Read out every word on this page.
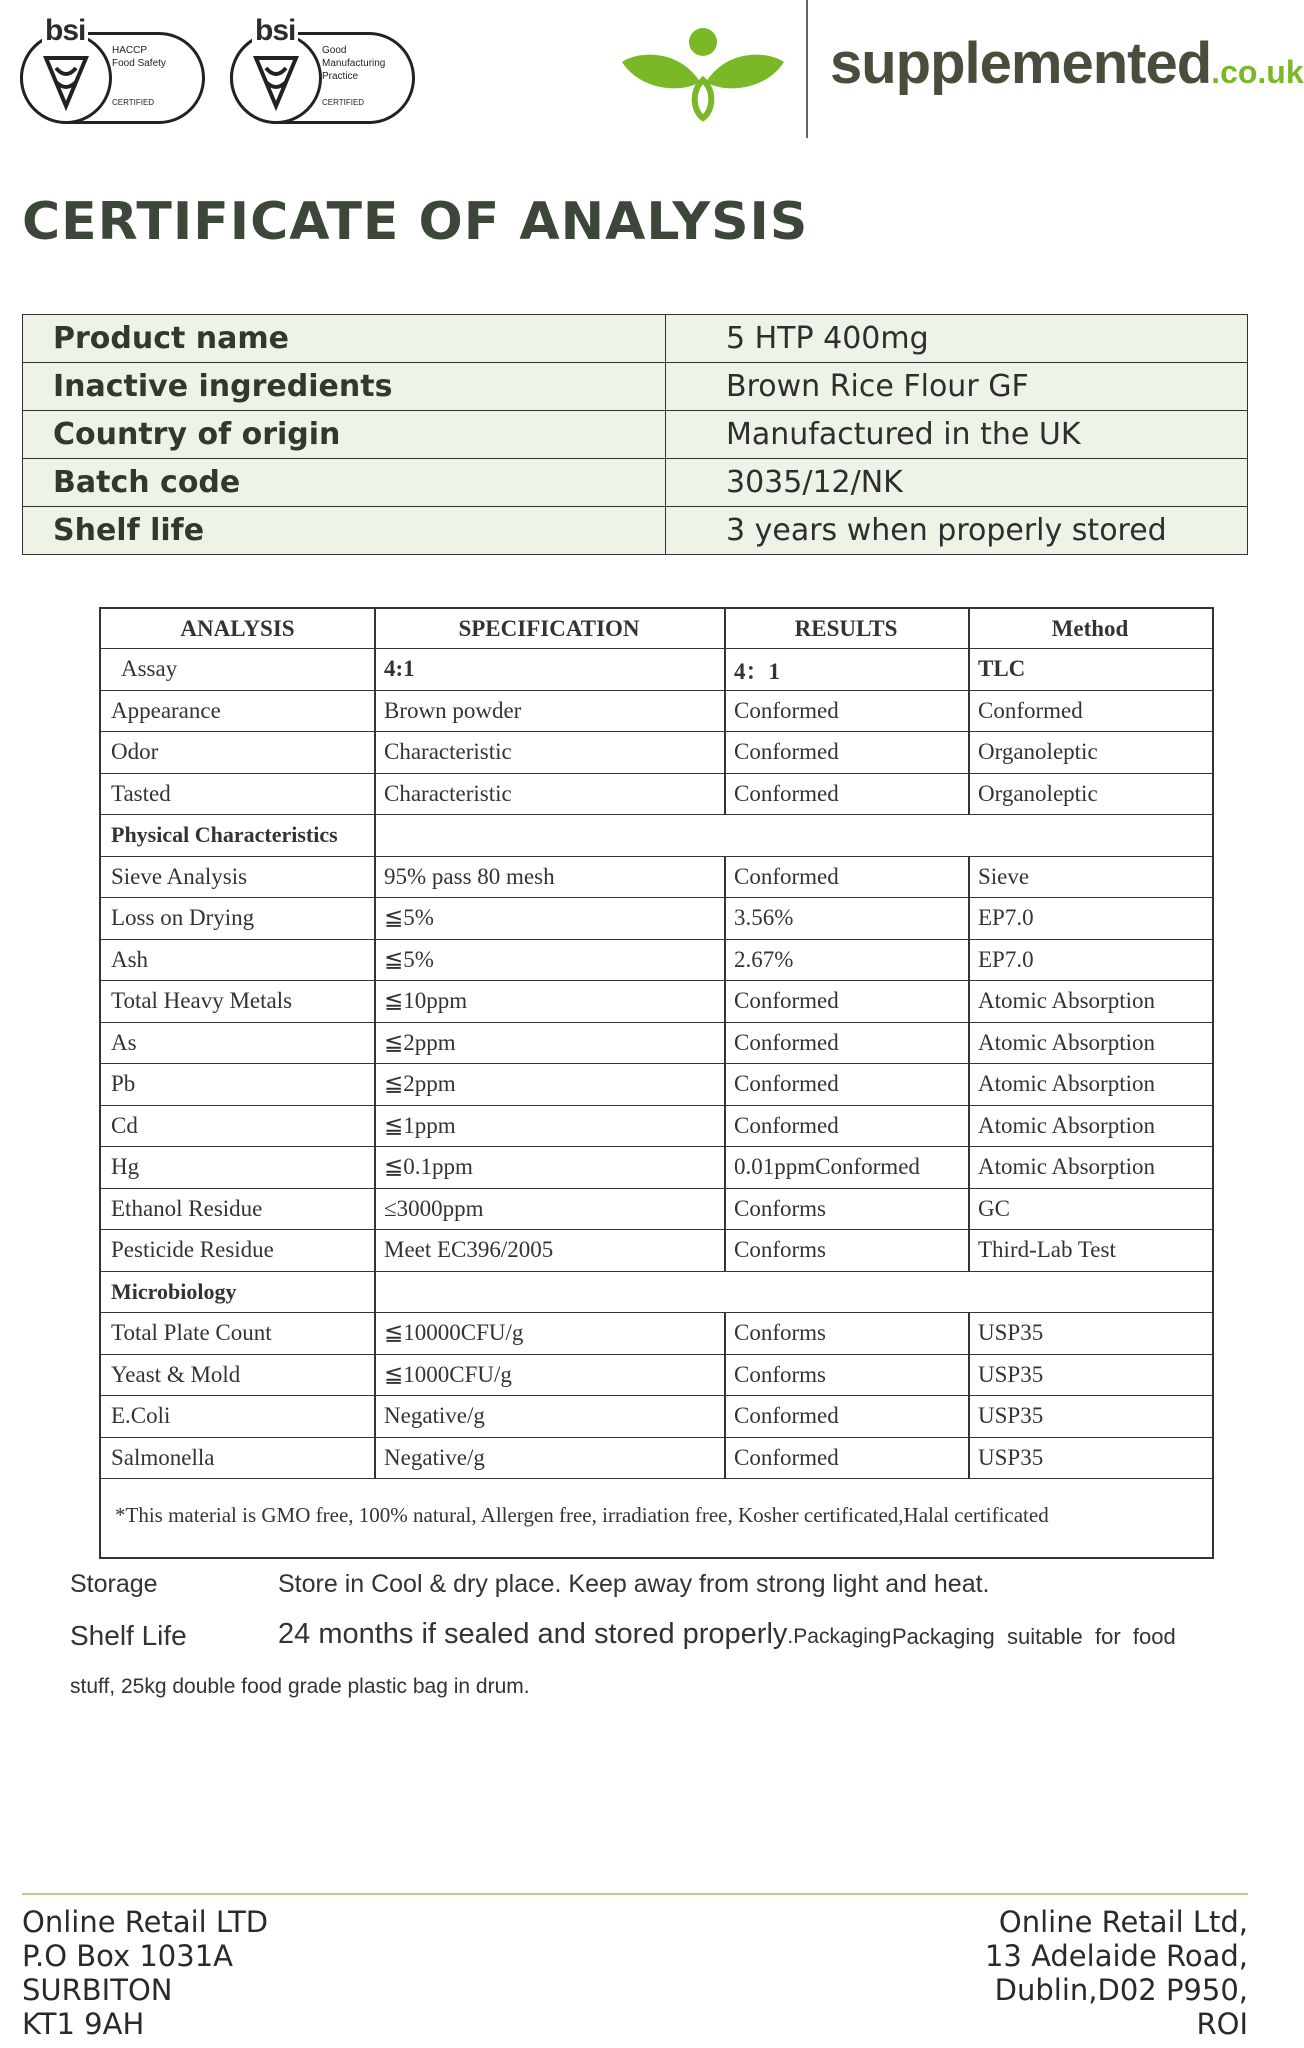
bsi
HACCP
Food Safety
CERTIFIED
bsi
Good
Manufacturing
Practice
CERTIFIED
supplemented.co.uk
CERTIFICATE OF ANALYSIS
Product name	5 HTP 400mg
Inactive ingredients	Brown Rice Flour GF
Country of origin	Manufactured in the UK
Batch code	3035/12/NK
Shelf life	3 years when properly stored
ANALYSIS	SPECIFICATION	RESULTS	Method
Assay	4:1	4：1	TLC
Appearance	Brown powder	Conformed	Conformed
Odor	Characteristic	Conformed	Organoleptic
Tasted	Characteristic	Conformed	Organoleptic
Physical Characteristics
Sieve Analysis	95% pass 80 mesh	Conformed	Sieve
Loss on Drying	≦5%	3.56%	EP7.0
Ash	≦5%	2.67%	EP7.0
Total Heavy Metals	≦10ppm	Conformed	Atomic Absorption
As	≦2ppm	Conformed	Atomic Absorption
Pb	≦2ppm	Conformed	Atomic Absorption
Cd	≦1ppm	Conformed	Atomic Absorption
Hg	≦0.1ppm	0.01ppmConformed	Atomic Absorption
Ethanol Residue	≤3000ppm	Conforms	GC
Pesticide Residue	Meet EC396/2005	Conforms	Third-Lab Test
Microbiology
Total Plate Count	≦10000CFU/g	Conforms	USP35
Yeast & Mold	≦1000CFU/g	Conforms	USP35
E.Coli	Negative/g	Conformed	USP35
Salmonella	Negative/g	Conformed	USP35
*This material is GMO free, 100% natural, Allergen free, irradiation free, Kosher certificated,Halal certificated
Storage	Store in Cool & dry place. Keep away from strong light and heat.
Shelf Life	24 months if sealed and stored properly.Packaging Packaging  suitable  for  food
stuff, 25kg double food grade plastic bag in drum.
Online Retail LTD
P.O Box 1031A
SURBITON
KT1 9AH
Online Retail Ltd,
13 Adelaide Road,
Dublin,D02 P950,
ROI
